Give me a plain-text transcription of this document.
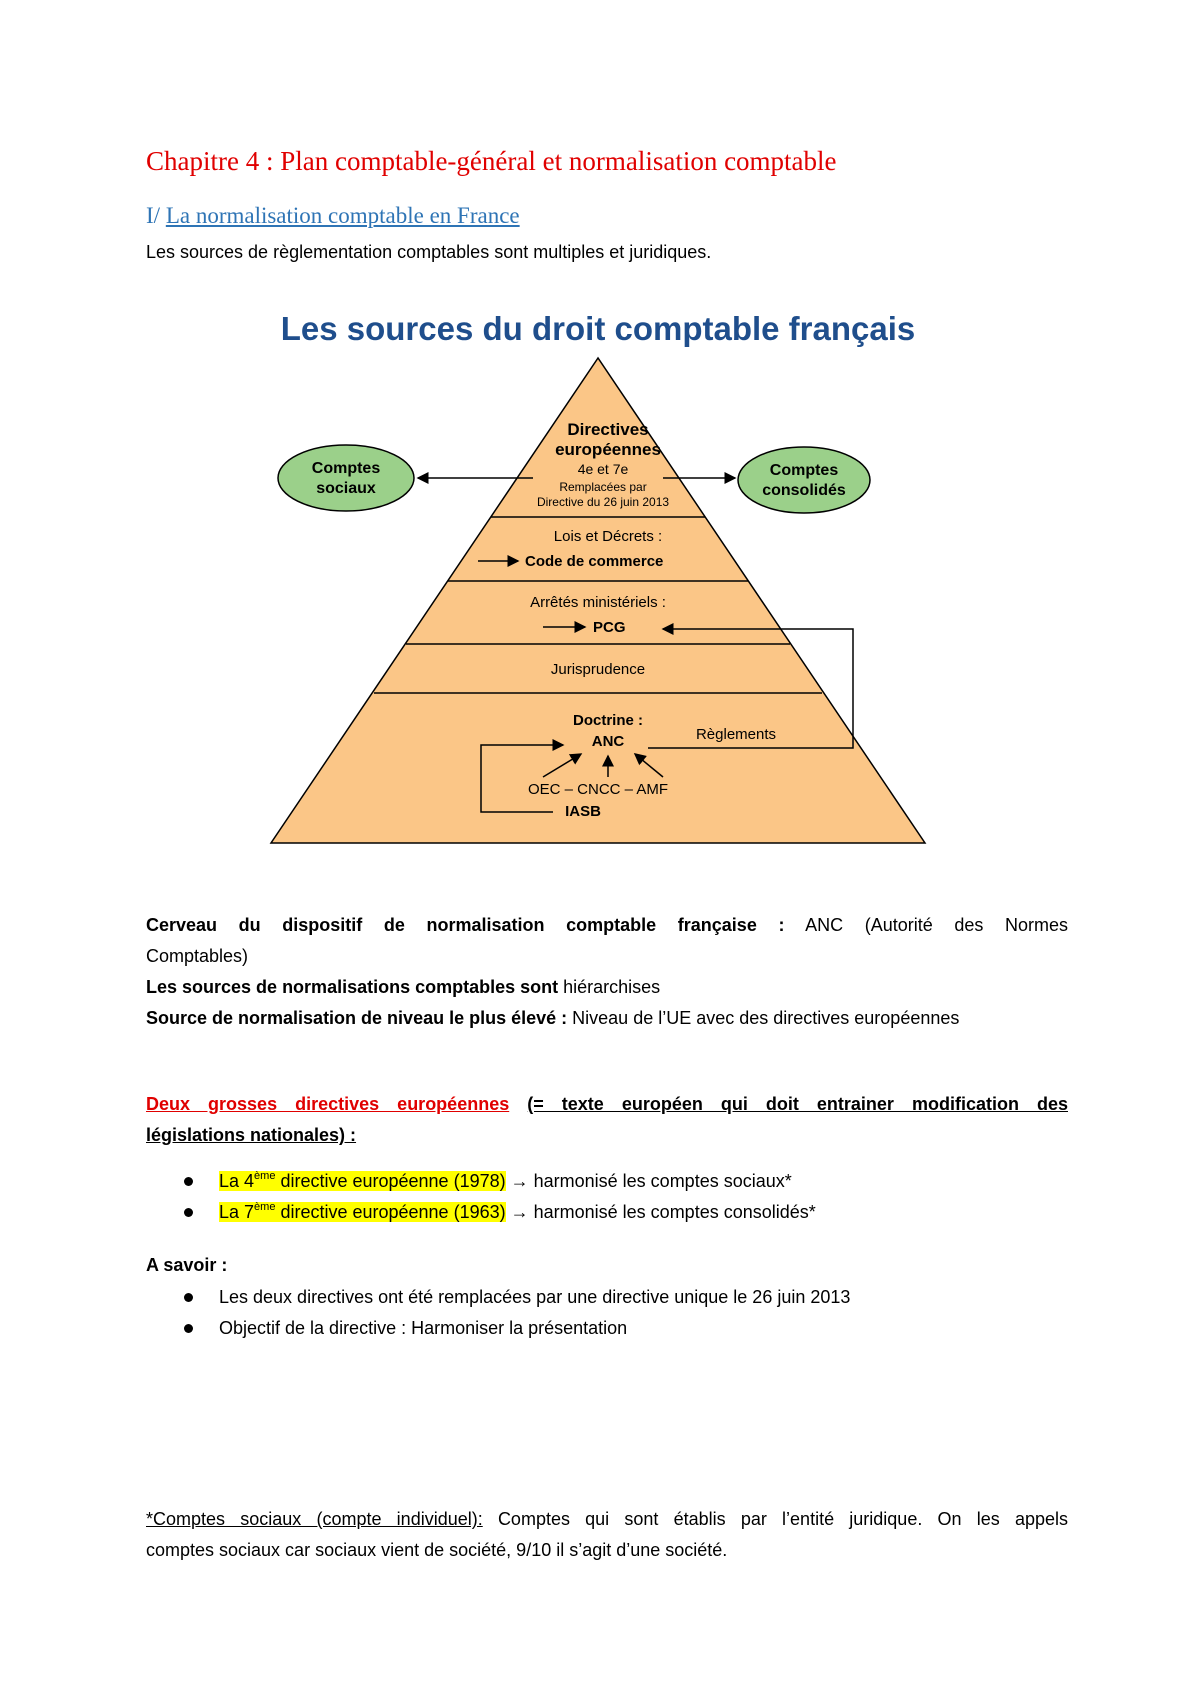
Chapitre 4 : Plan comptable-général et normalisation comptable
I/ La normalisation comptable en France
Les sources de règlementation comptables sont multiples et juridiques.
Les sources du droit comptable français
Comptes
sociaux
Comptes
consolidés
Directives
européennes
4e et 7e
Remplacées par
Directive du 26 juin 2013
Lois et Décrets :
Code de commerce
Arrêtés ministériels :
PCG
Jurisprudence
Doctrine :
ANC	Règlements
OEC – CNCC – AMF
IASB
Cerveau du dispositif de normalisation comptable française : ANC (Autorité des Normes
Comptables)
Les sources de normalisations comptables sont hiérarchises
Source de normalisation de niveau le plus élevé : Niveau de l’UE avec des directives européennes
Deux grosses directives européennes (= texte européen qui doit entrainer modification des
législations nationales) :
La 4ème directive européenne (1978) → harmonisé les comptes sociaux*
La 7ème directive européenne (1963) → harmonisé les comptes consolidés*
A savoir :
Les deux directives ont été remplacées par une directive unique le 26 juin 2013
Objectif de la directive : Harmoniser la présentation
*Comptes sociaux (compte individuel): Comptes qui sont établis par l’entité juridique. On les appels
comptes sociaux car sociaux vient de société, 9/10 il s’agit d’une société.
